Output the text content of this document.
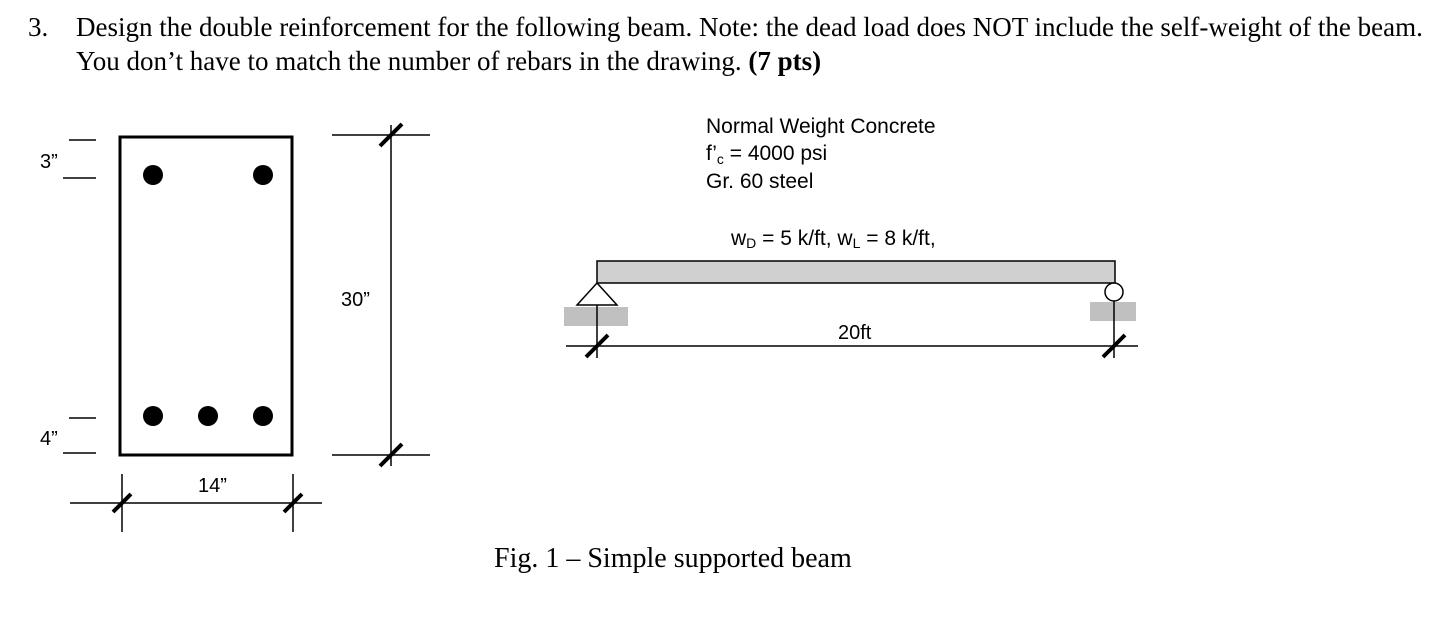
3. Design the double reinforcement for the following beam. Note: the dead load does NOT include the self-weight of the beam. You don’t have to match the number of rebars in the drawing. (7 pts)
3”
4”
14”
30”
Normal Weight Concrete
f’c = 4000 psi
Gr. 60 steel
wD = 5 k/ft, wL = 8 k/ft,
20ft
Fig. 1 – Simple supported beam
